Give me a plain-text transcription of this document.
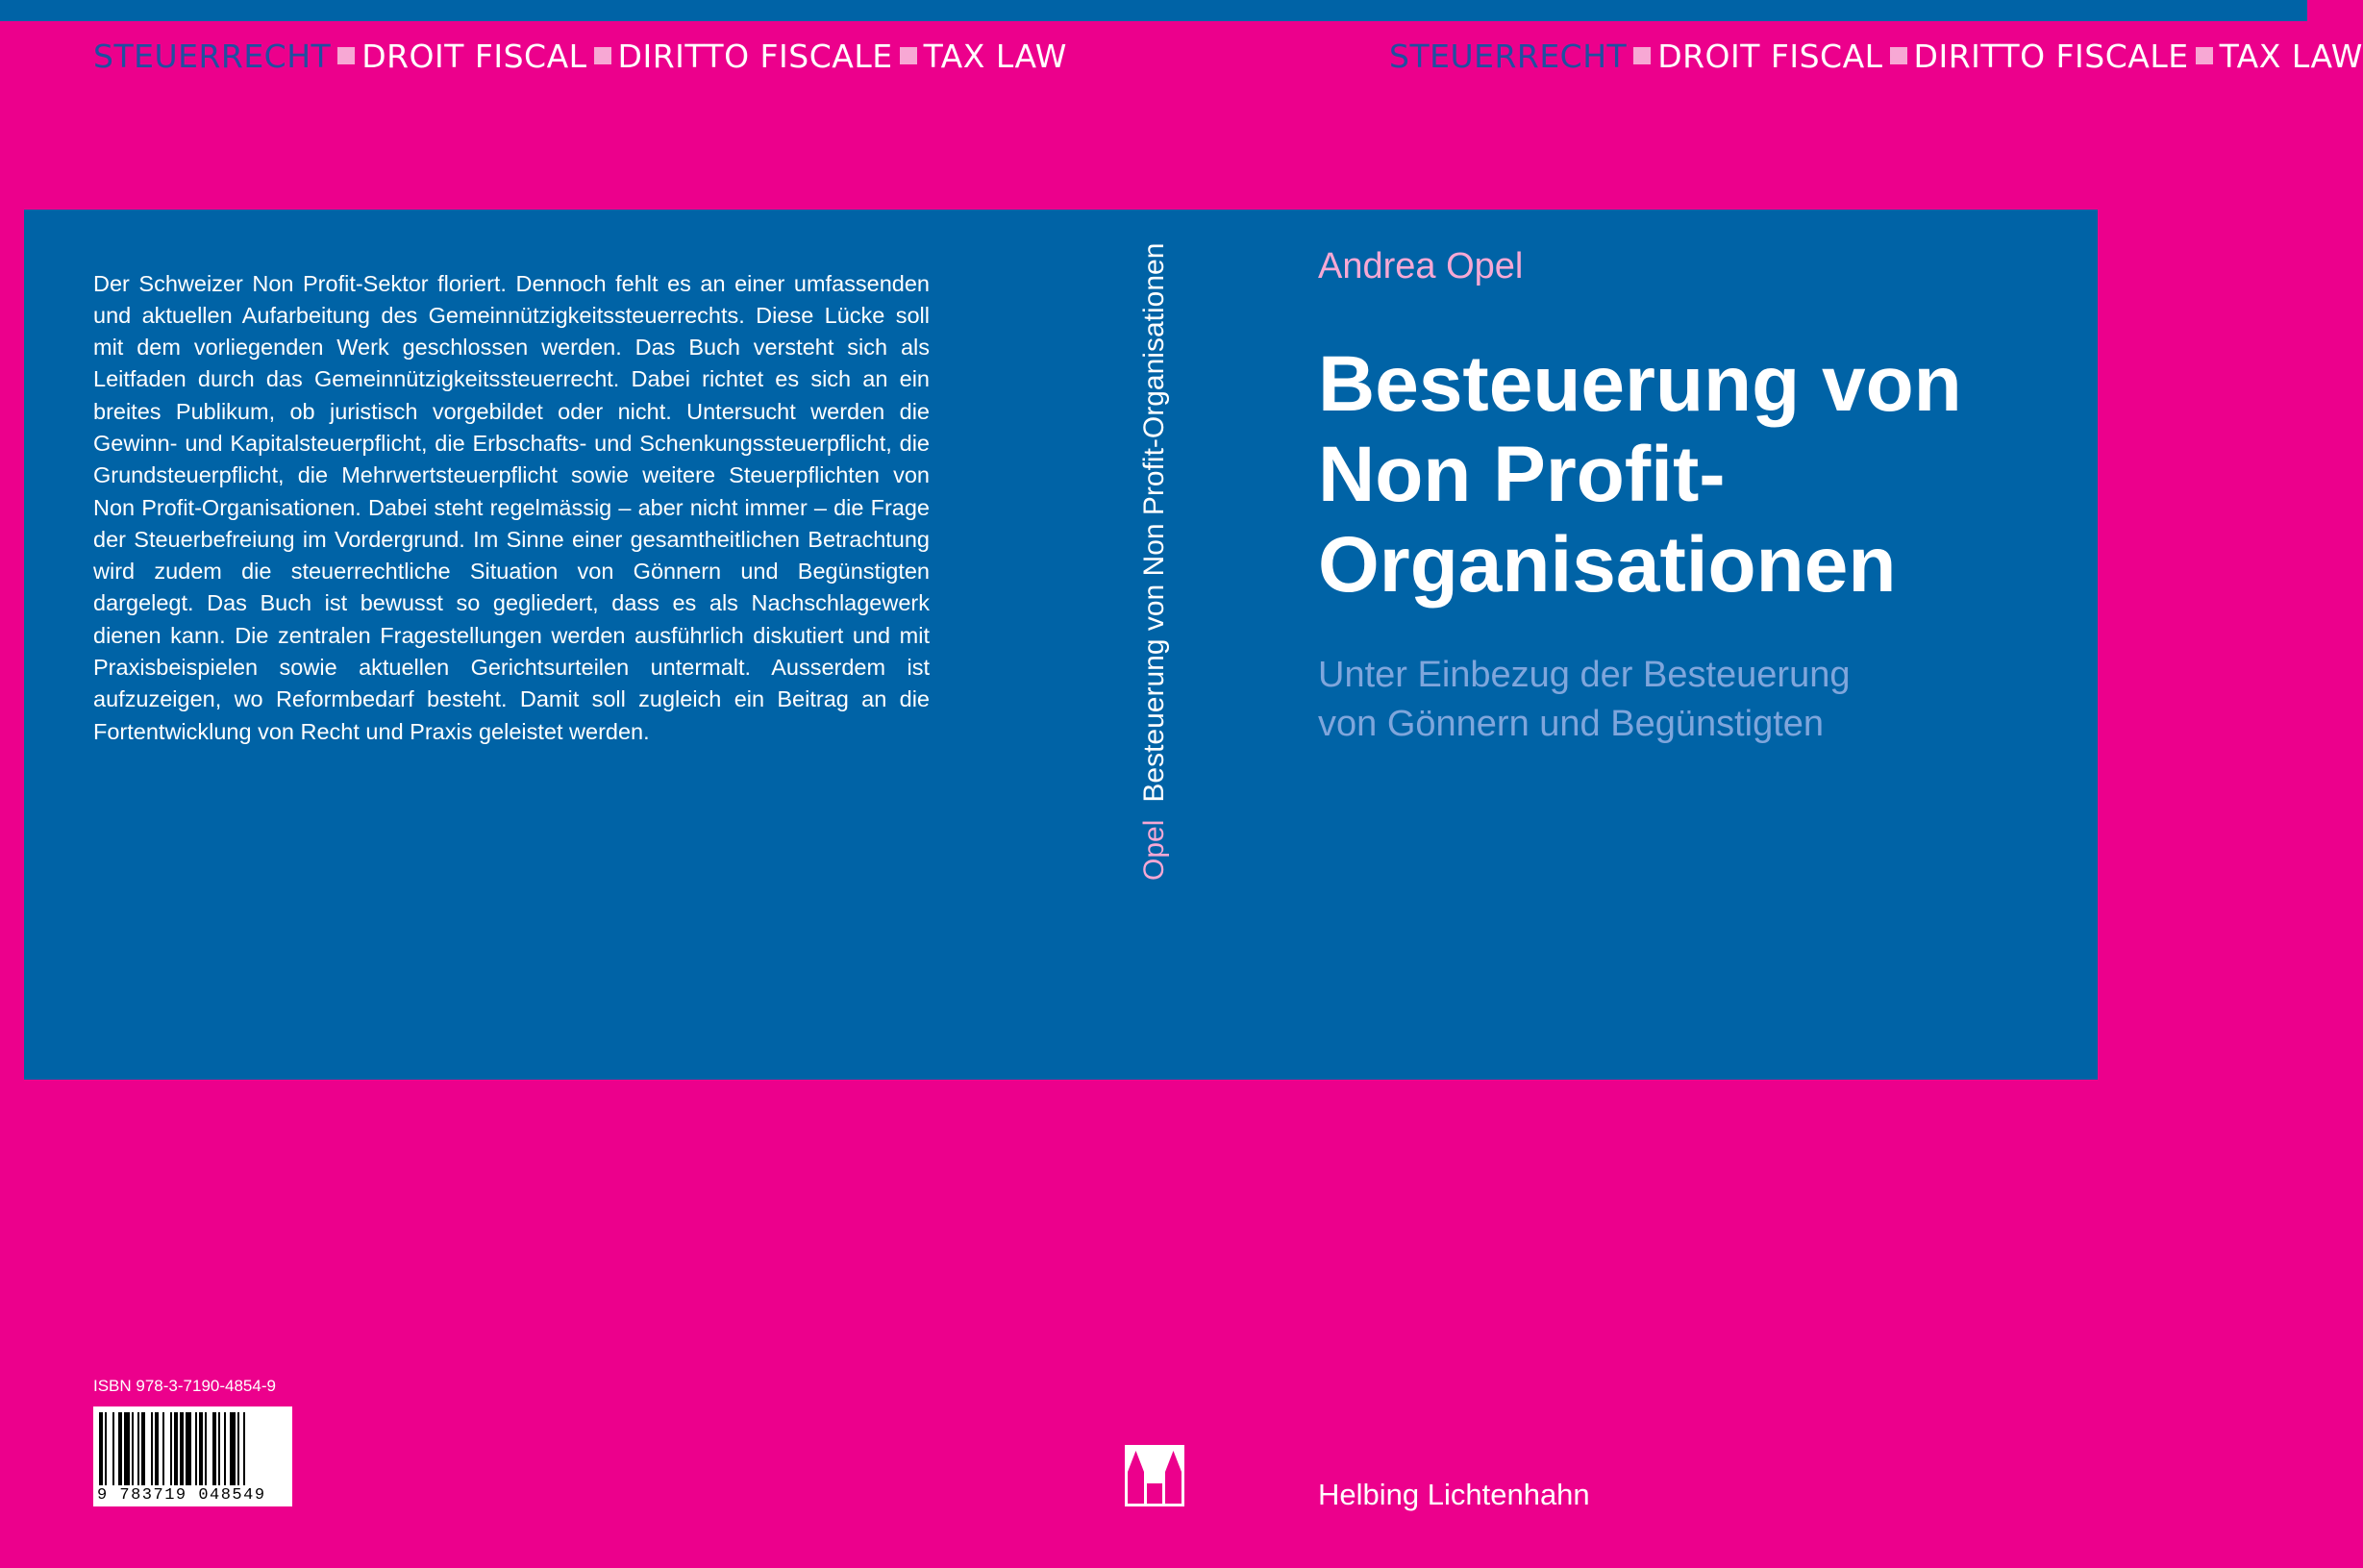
STEUERRECHT DROIT FISCAL DIRITTO FISCALE TAX LAW	STEUERRECHT DROIT FISCAL DIRITTO FISCALE TAX LAW

Der Schweizer Non Profit-Sektor floriert. Dennoch fehlt es an einer umfassenden und aktuellen Aufarbeitung des Gemeinnützigkeitssteuerrechts. Diese Lücke soll mit dem vorliegenden Werk geschlossen werden. Das Buch versteht sich als Leitfaden durch das Gemeinnützigkeitssteuerrecht. Dabei richtet es sich an ein breites Publikum, ob juristisch vorgebildet oder nicht. Untersucht werden die Gewinn- und Kapitalsteuerpflicht, die Erbschafts- und Schenkungssteuerpflicht, die Grundsteuerpflicht, die Mehrwertsteuerpflicht sowie weitere Steuerpflichten von Non Profit-Organisationen. Dabei steht regelmässig – aber nicht immer – die Frage der Steuerbefreiung im Vordergrund. Im Sinne einer gesamtheitlichen Betrachtung wird zudem die steuerrechtliche Situation von Gönnern und Begünstigten dargelegt. Das Buch ist bewusst so gegliedert, dass es als Nachschlagewerk dienen kann. Die zentralen Fragestellungen werden ausführlich diskutiert und mit Praxisbeispielen sowie aktuellen Gerichtsurteilen untermalt. Ausserdem ist aufzuzeigen, wo Reformbedarf besteht. Damit soll zugleich ein Beitrag an die Fortentwicklung von Recht und Praxis geleistet werden.

Opel
Besteuerung von Non Profit-Organisationen	Andrea Opel
Besteuerung von
Non Profit-
Organisationen
Unter Einbezug der Besteuerung
von Gönnern und Begünstigten
ISBN 978-3-7190-4854-9
9 783719 048549	Helbing Lichtenhahn
